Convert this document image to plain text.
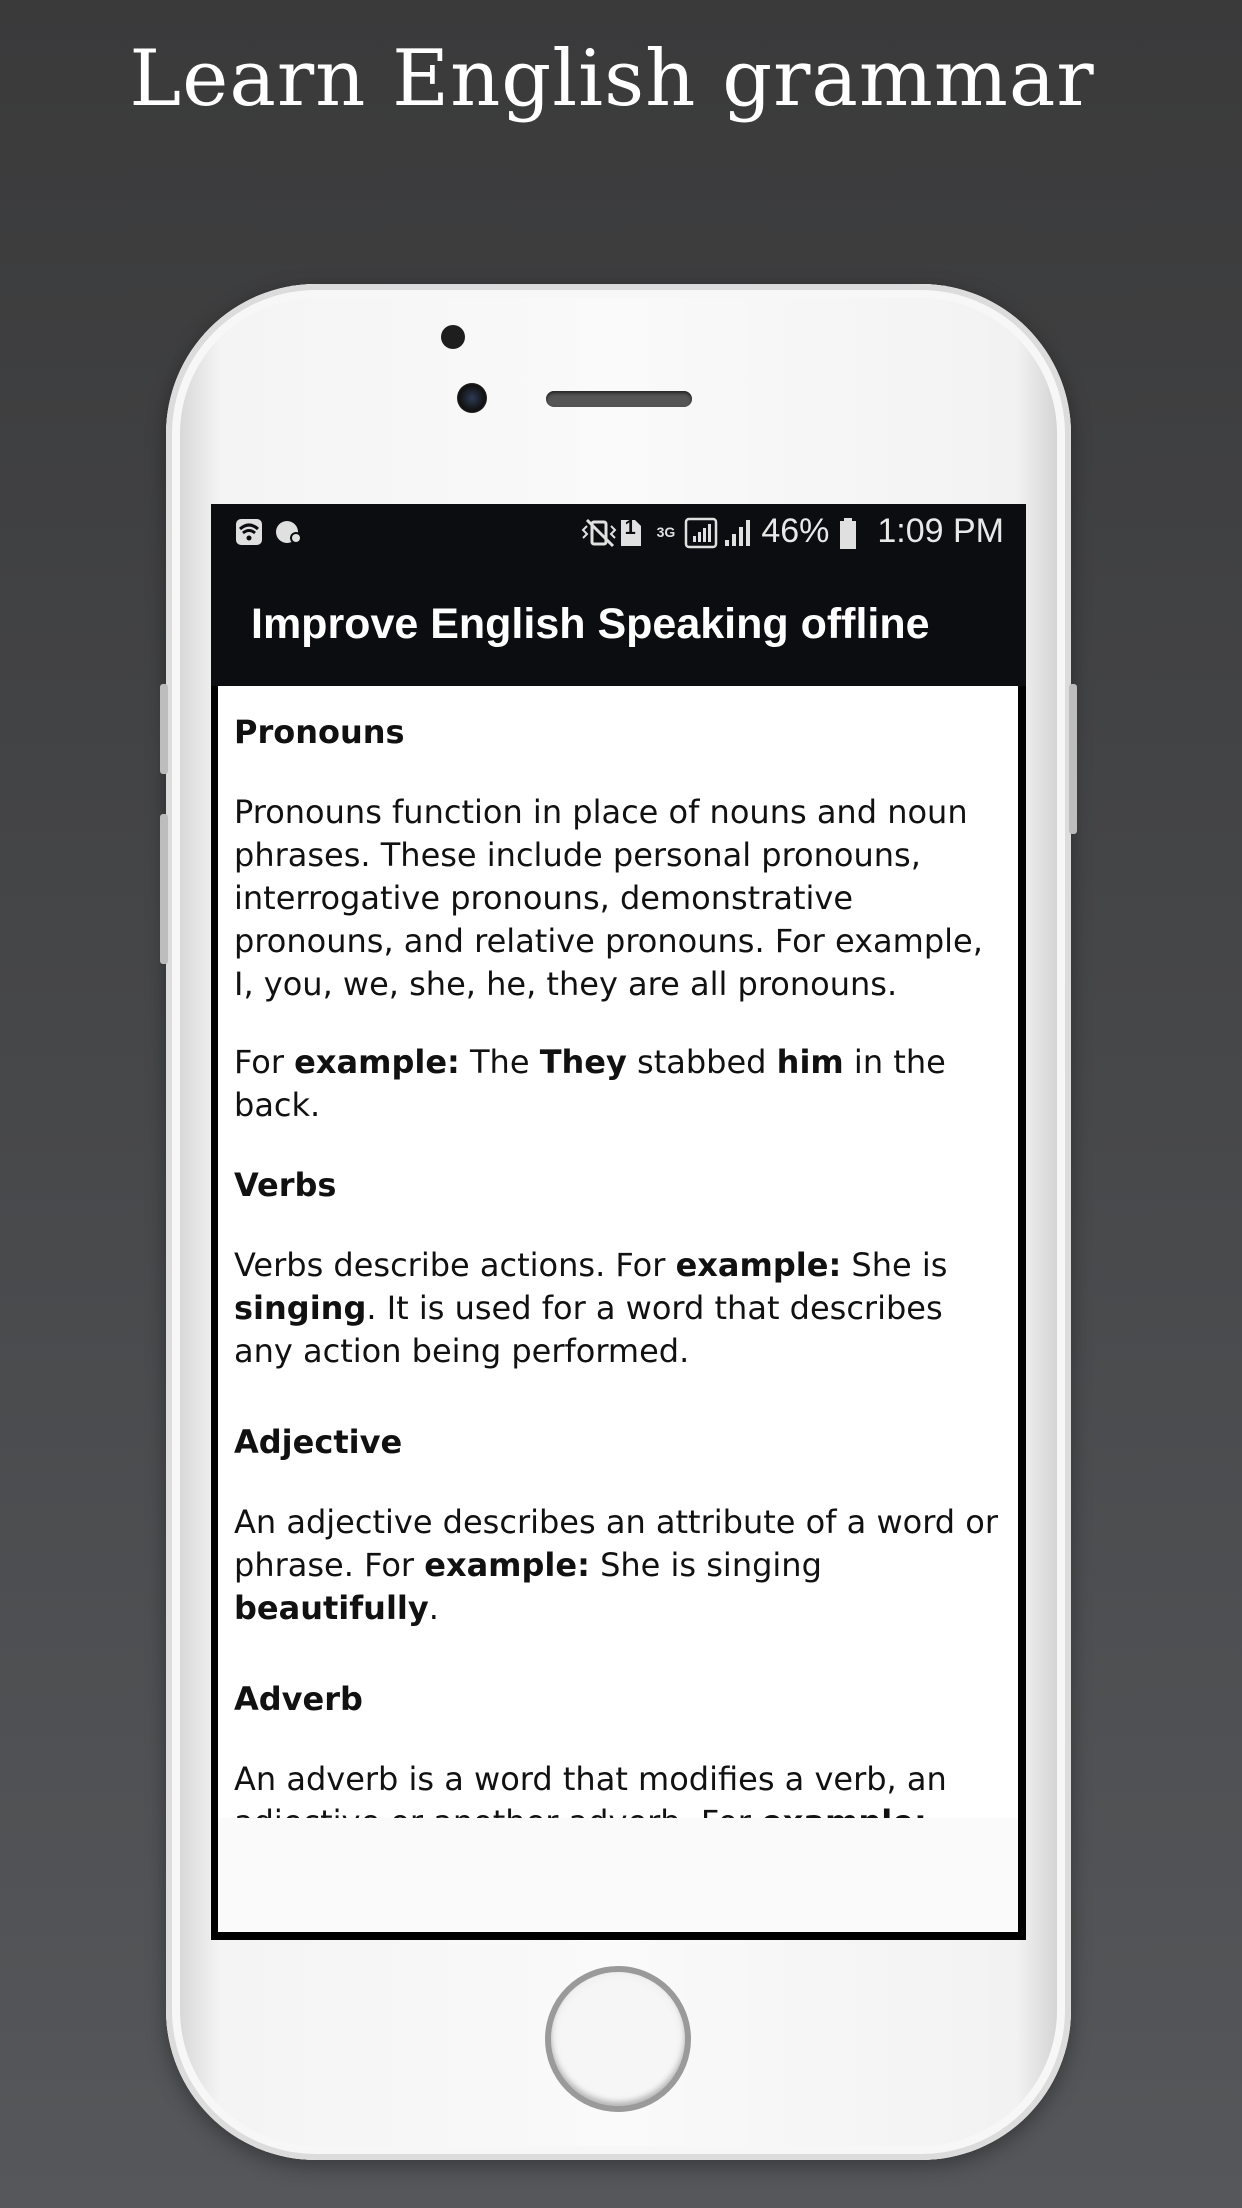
Learn English grammar
1 3G	46% 1:09 PM
Improve English Speaking offline
Pronouns

Pronouns function in place of nouns and noun phrases. These include personal pronouns, interrogative pronouns, demonstrative pronouns, and relative pronouns. For example, I, you, we, she, he, they are all pronouns.

For example: The They stabbed him in the back.

Verbs

Verbs describe actions. For example: She is singing. It is used for a word that describes any action being performed.

Adjective

An adjective describes an attribute of a word or phrase. For example: She is singing beautifully.

Adverb

An adverb is a word that modifies a verb, an
